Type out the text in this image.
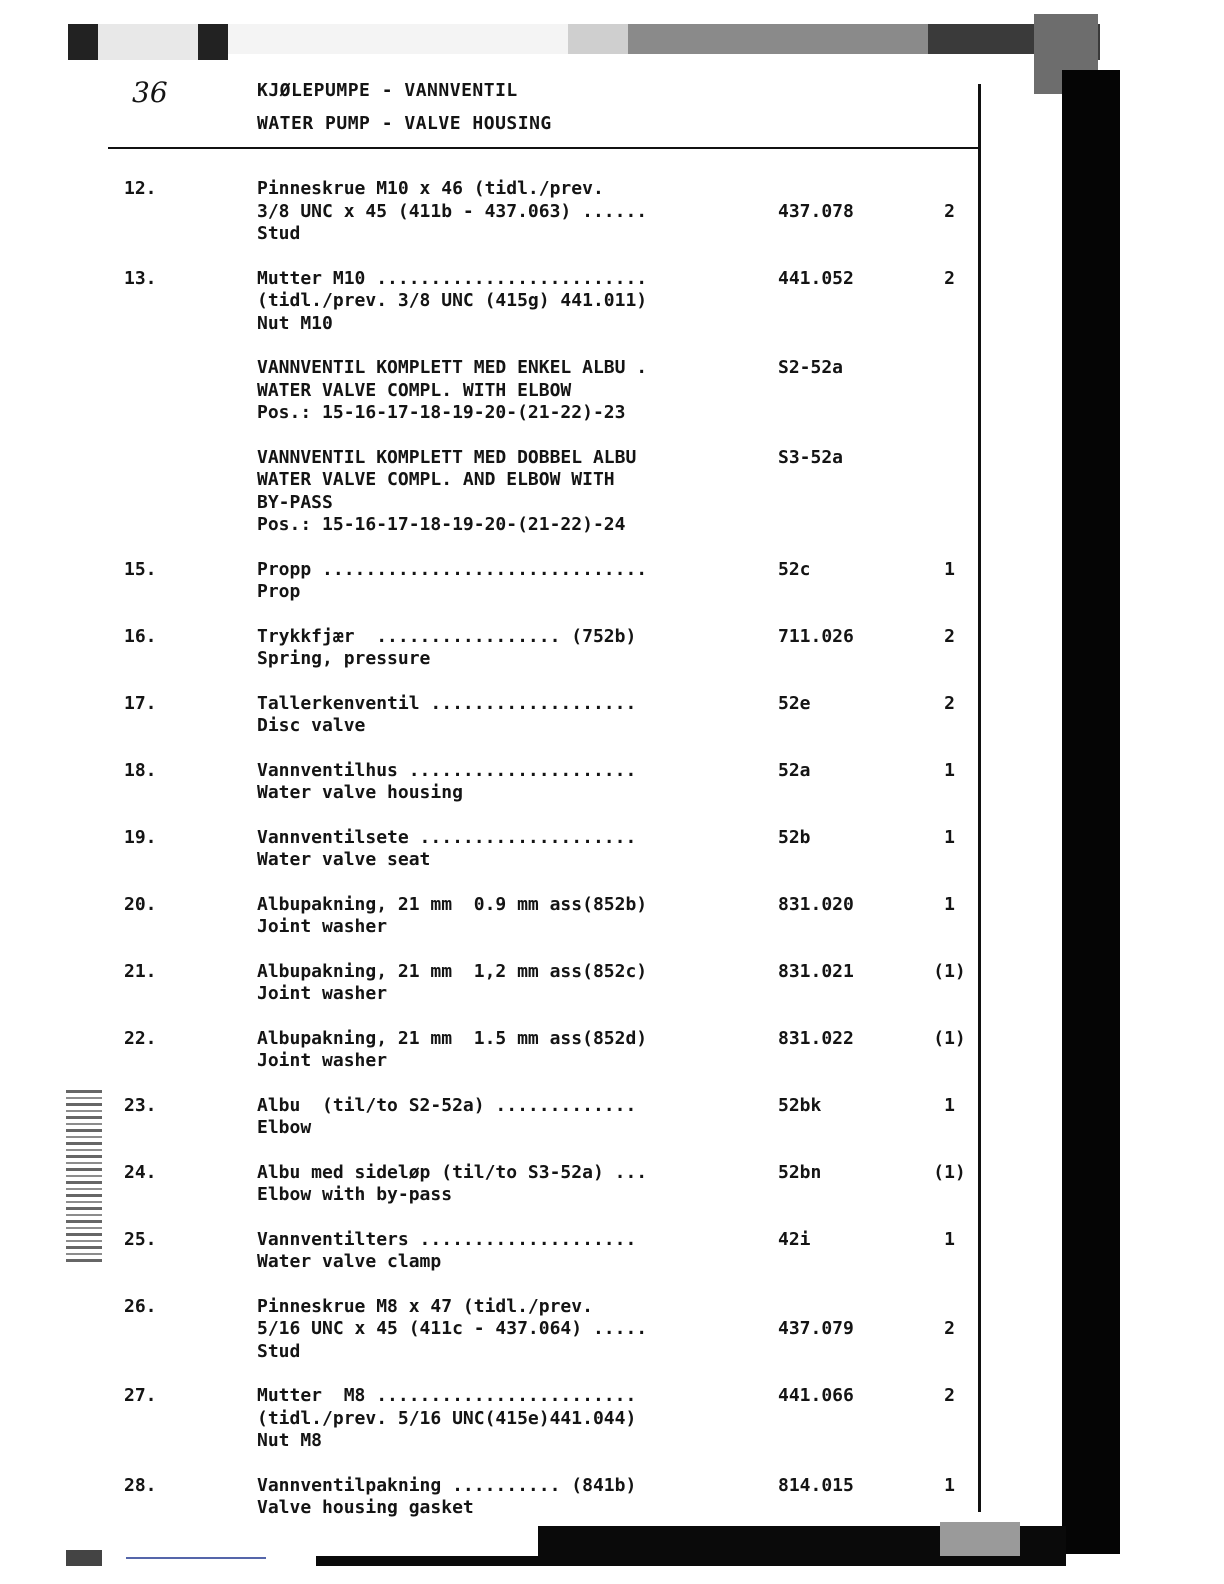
36	KJØLEPUMPE - VANNVENTIL
WATER PUMP - VALVE HOUSING
12.	Pinneskrue M10 x 46 (tidl./prev.
3/8 UNC x 45 (411b - 437.063) ......
Stud
437.078	2
13.	Mutter M10 .........................
(tidl./prev. 3/8 UNC (415g) 441.011)
Nut M10
441.052	2
VANNVENTIL KOMPLETT MED ENKEL ALBU .
WATER VALVE COMPL. WITH ELBOW
Pos.: 15-16-17-18-19-20-(21-22)-23
S2-52a
VANNVENTIL KOMPLETT MED DOBBEL ALBU
WATER VALVE COMPL. AND ELBOW WITH
BY-PASS
Pos.: 15-16-17-18-19-20-(21-22)-24
S3-52a
15.	Propp ..............................
Prop
52c	1
16.	Trykkfjær  ................. (752b)
Spring, pressure
711.026	2
17.	Tallerkenventil ...................
Disc valve
52e	2
18.	Vannventilhus .....................
Water valve housing
52a	1
19.	Vannventilsete ....................
Water valve seat
52b	1
20.	Albupakning, 21 mm  0.9 mm ass(852b)
Joint washer
831.020	1
21.	Albupakning, 21 mm  1,2 mm ass(852c)
Joint washer
831.021	(1)
22.	Albupakning, 21 mm  1.5 mm ass(852d)
Joint washer
831.022	(1)
23.	Albu  (til/to S2-52a) .............
Elbow
52bk	1
24.	Albu med sideløp (til/to S3-52a) ...
Elbow with by-pass
52bn	(1)
25.	Vannventilters ....................
Water valve clamp
42i	1
26.	Pinneskrue M8 x 47 (tidl./prev.
5/16 UNC x 45 (411c - 437.064) .....
Stud
437.079	2
27.	Mutter  M8 ........................
(tidl./prev. 5/16 UNC(415e)441.044)
Nut M8
441.066	2
28.	Vannventilpakning .......... (841b)
Valve housing gasket
814.015	1
